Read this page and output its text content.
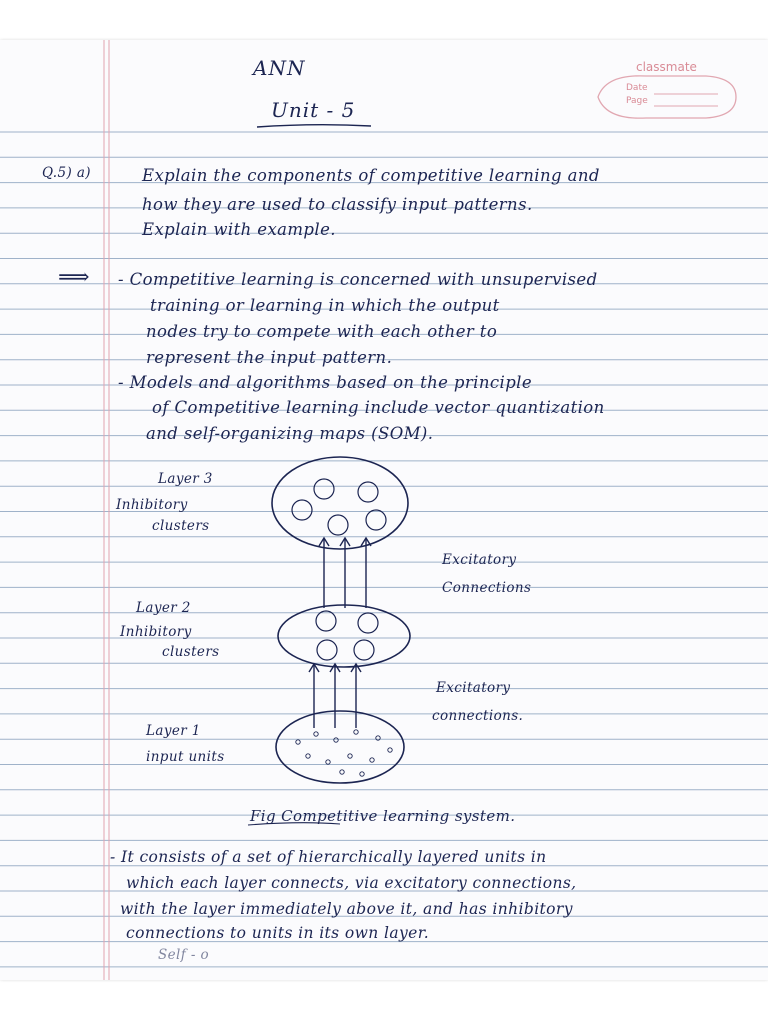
classmate
Date
Page
ANN
Unit - 5
Q.5) a)	Explain the components of competitive learning and
how they are used to classify input patterns.
Explain with example.
⟹ - Competitive learning is concerned with unsupervised
training or learning in which the output
nodes try to compete with each other to
represent the input pattern.
- Models and algorithms based on the principle
of Competitive learning include vector quantization
and self-organizing maps (SOM).
Layer 3
Inhibitory
clusters
Excitatory
Connections
Layer 2
Inhibitory
clusters
Excitatory
connections.
Layer 1
input units
Fig Competitive learning system.
- It consists of a set of hierarchically layered units in
which each layer connects, via excitatory connections,
with the layer immediately above it, and has inhibitory
connections to units in its own layer.
Self - o
